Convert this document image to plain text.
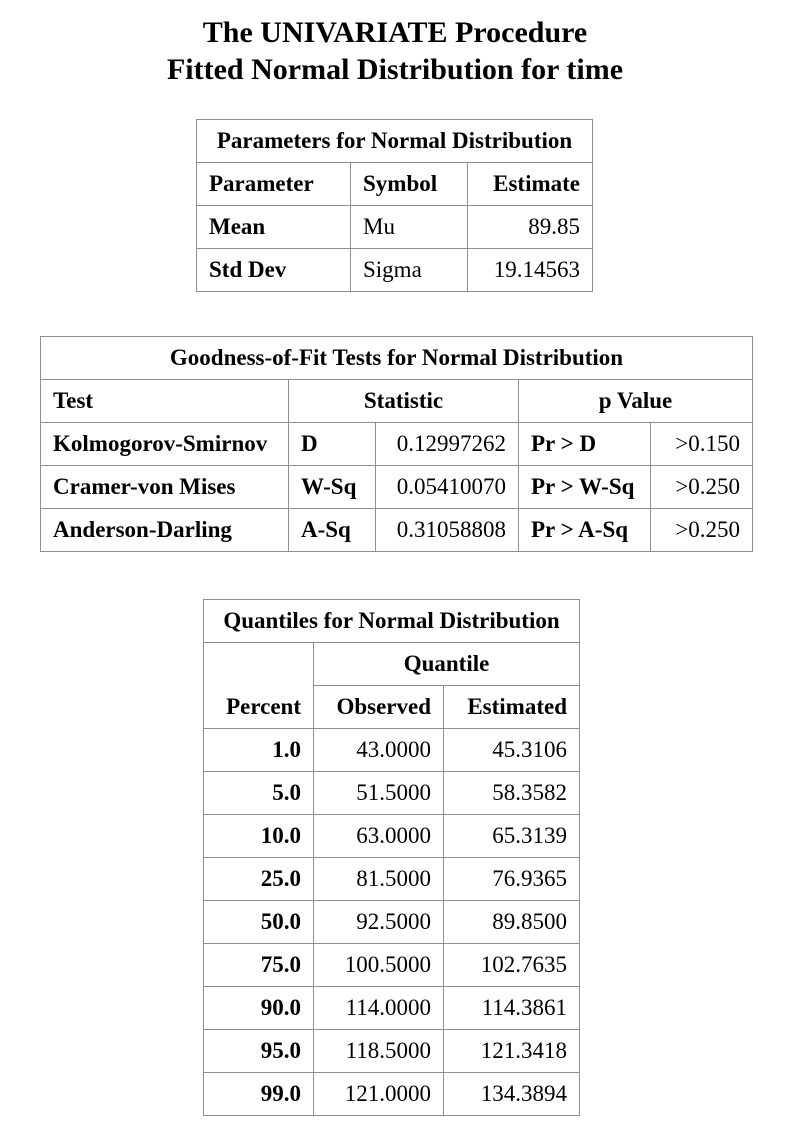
The UNIVARIATE Procedure
Fitted Normal Distribution for time
Parameters for Normal Distribution		
Parameter	Symbol	Estimate
Mean	Mu	89.85
Std Dev	Sigma	19.14563
Goodness-of-Fit Tests for Normal Distribution				
Test	Statistic		p Value	
Kolmogorov-Smirnov	D	0.12997262	Pr > D	>0.150
Cramer-von Mises	W-Sq	0.05410070	Pr > W-Sq	>0.250
Anderson-Darling	A-Sq	0.31058808	Pr > A-Sq	>0.250
Quantiles for Normal Distribution		
Percent	Quantile	
	Observed	Estimated
1.0	43.0000	45.3106
5.0	51.5000	58.3582
10.0	63.0000	65.3139
25.0	81.5000	76.9365
50.0	92.5000	89.8500
75.0	100.5000	102.7635
90.0	114.0000	114.3861
95.0	118.5000	121.3418
99.0	121.0000	134.3894
